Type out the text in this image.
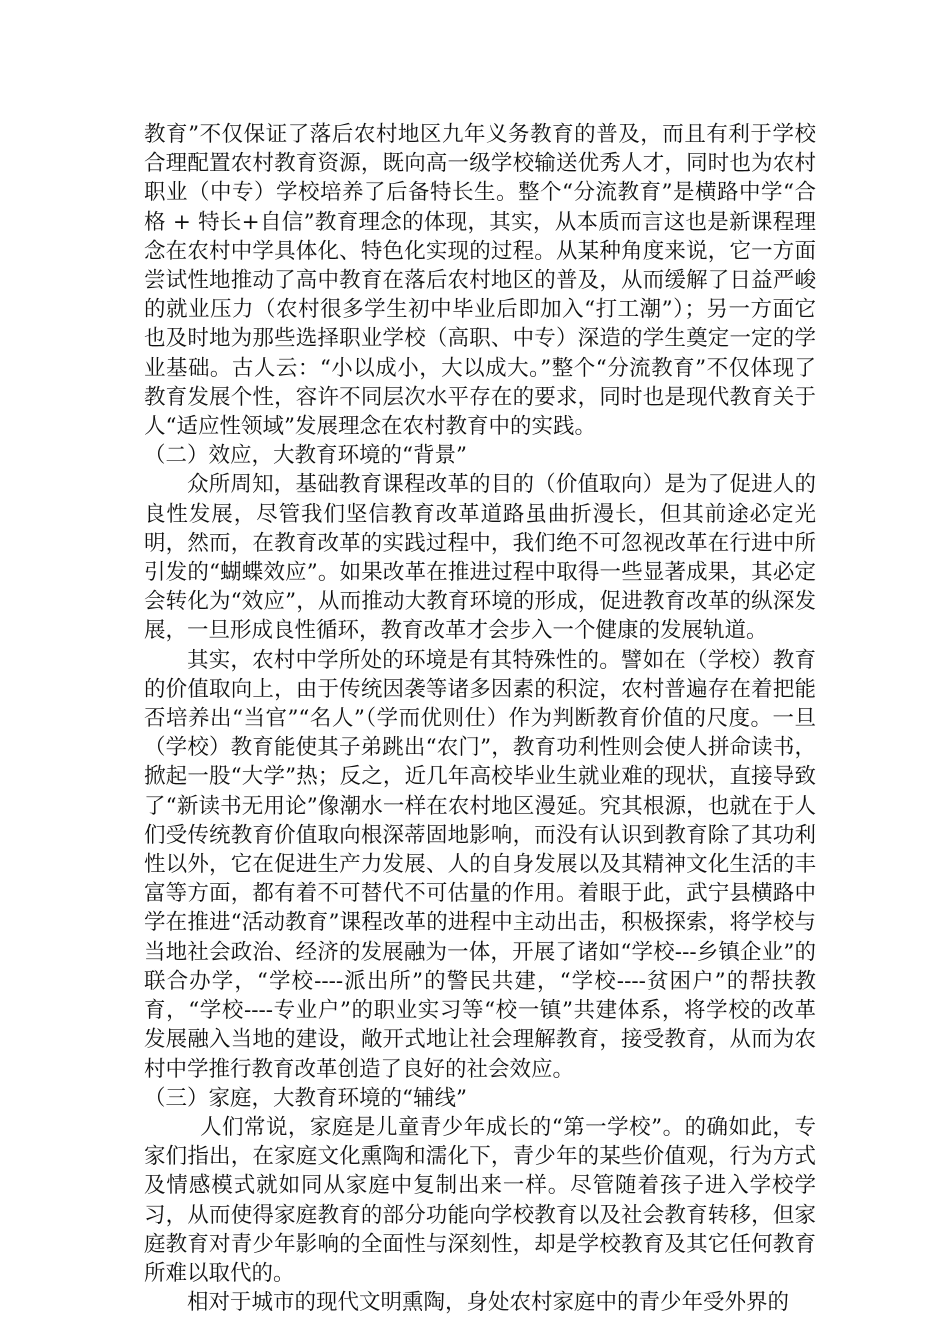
教育”不仅保证了落后农村地区九年义务教育的普及，而且有利于学校合理配置农村教育资源，既向高一级学校输送优秀人才，同时也为农村职业（中专）学校培养了后备特长生。整个“分流教育”是横路中学“合格 + 特长+自信”教育理念的体现，其实，从本质而言这也是新课程理念在农村中学具体化、特色化实现的过程。从某种角度来说，它一方面尝试性地推动了高中教育在落后农村地区的普及，从而缓解了日益严峻的就业压力（农村很多学生初中毕业后即加入“打工潮”）；另一方面它也及时地为那些选择职业学校（高职、中专）深造的学生奠定一定的学业基础。古人云：“小以成小，大以成大。”整个“分流教育”不仅体现了教育发展个性，容许不同层次水平存在的要求，同时也是现代教育关于人“适应性领域”发展理念在农村教育中的实践。

（二）效应，大教育环境的“背景”

众所周知，基础教育课程改革的目的（价值取向）是为了促进人的良性发展，尽管我们坚信教育改革道路虽曲折漫长，但其前途必定光明，然而，在教育改革的实践过程中，我们绝不可忽视改革在行进中所引发的“蝴蝶效应”。如果改革在推进过程中取得一些显著成果，其必定会转化为“效应”，从而推动大教育环境的形成，促进教育改革的纵深发展，一旦形成良性循环，教育改革才会步入一个健康的发展轨道。

其实，农村中学所处的环境是有其特殊性的。譬如在（学校）教育的价值取向上，由于传统因袭等诸多因素的积淀，农村普遍存在着把能否培养出“当官”“名人”（学而优则仕）作为判断教育价值的尺度。一旦（学校）教育能使其子弟跳出“农门”，教育功利性则会使人拼命读书，掀起一股“大学”热；反之，近几年高校毕业生就业难的现状，直接导致了“新读书无用论”像潮水一样在农村地区漫延。究其根源，也就在于人们受传统教育价值取向根深蒂固地影响，而没有认识到教育除了其功利性以外，它在促进生产力发展、人的自身发展以及其精神文化生活的丰富等方面，都有着不可替代不可估量的作用。着眼于此，武宁县横路中学在推进“活动教育”课程改革的进程中主动出击，积极探索，将学校与当地社会政治、经济的发展融为一体，开展了诸如“学校---乡镇企业”的联合办学，“学校----派出所”的警民共建，“学校----贫困户”的帮扶教育，“学校----专业户”的职业实习等“校一镇”共建体系，将学校的改革发展融入当地的建设，敞开式地让社会理解教育，接受教育，从而为农村中学推行教育改革创造了良好的社会效应。

（三）家庭，大教育环境的“辅线”

人们常说，家庭是儿童青少年成长的“第一学校”。的确如此，专家们指出，在家庭文化熏陶和濡化下，青少年的某些价值观，行为方式及情感模式就如同从家庭中复制出来一样。尽管随着孩子进入学校学习，从而使得家庭教育的部分功能向学校教育以及社会教育转移，但家庭教育对青少年影响的全面性与深刻性，却是学校教育及其它任何教育所难以取代的。

相对于城市的现代文明熏陶，身处农村家庭中的青少年受外界的
